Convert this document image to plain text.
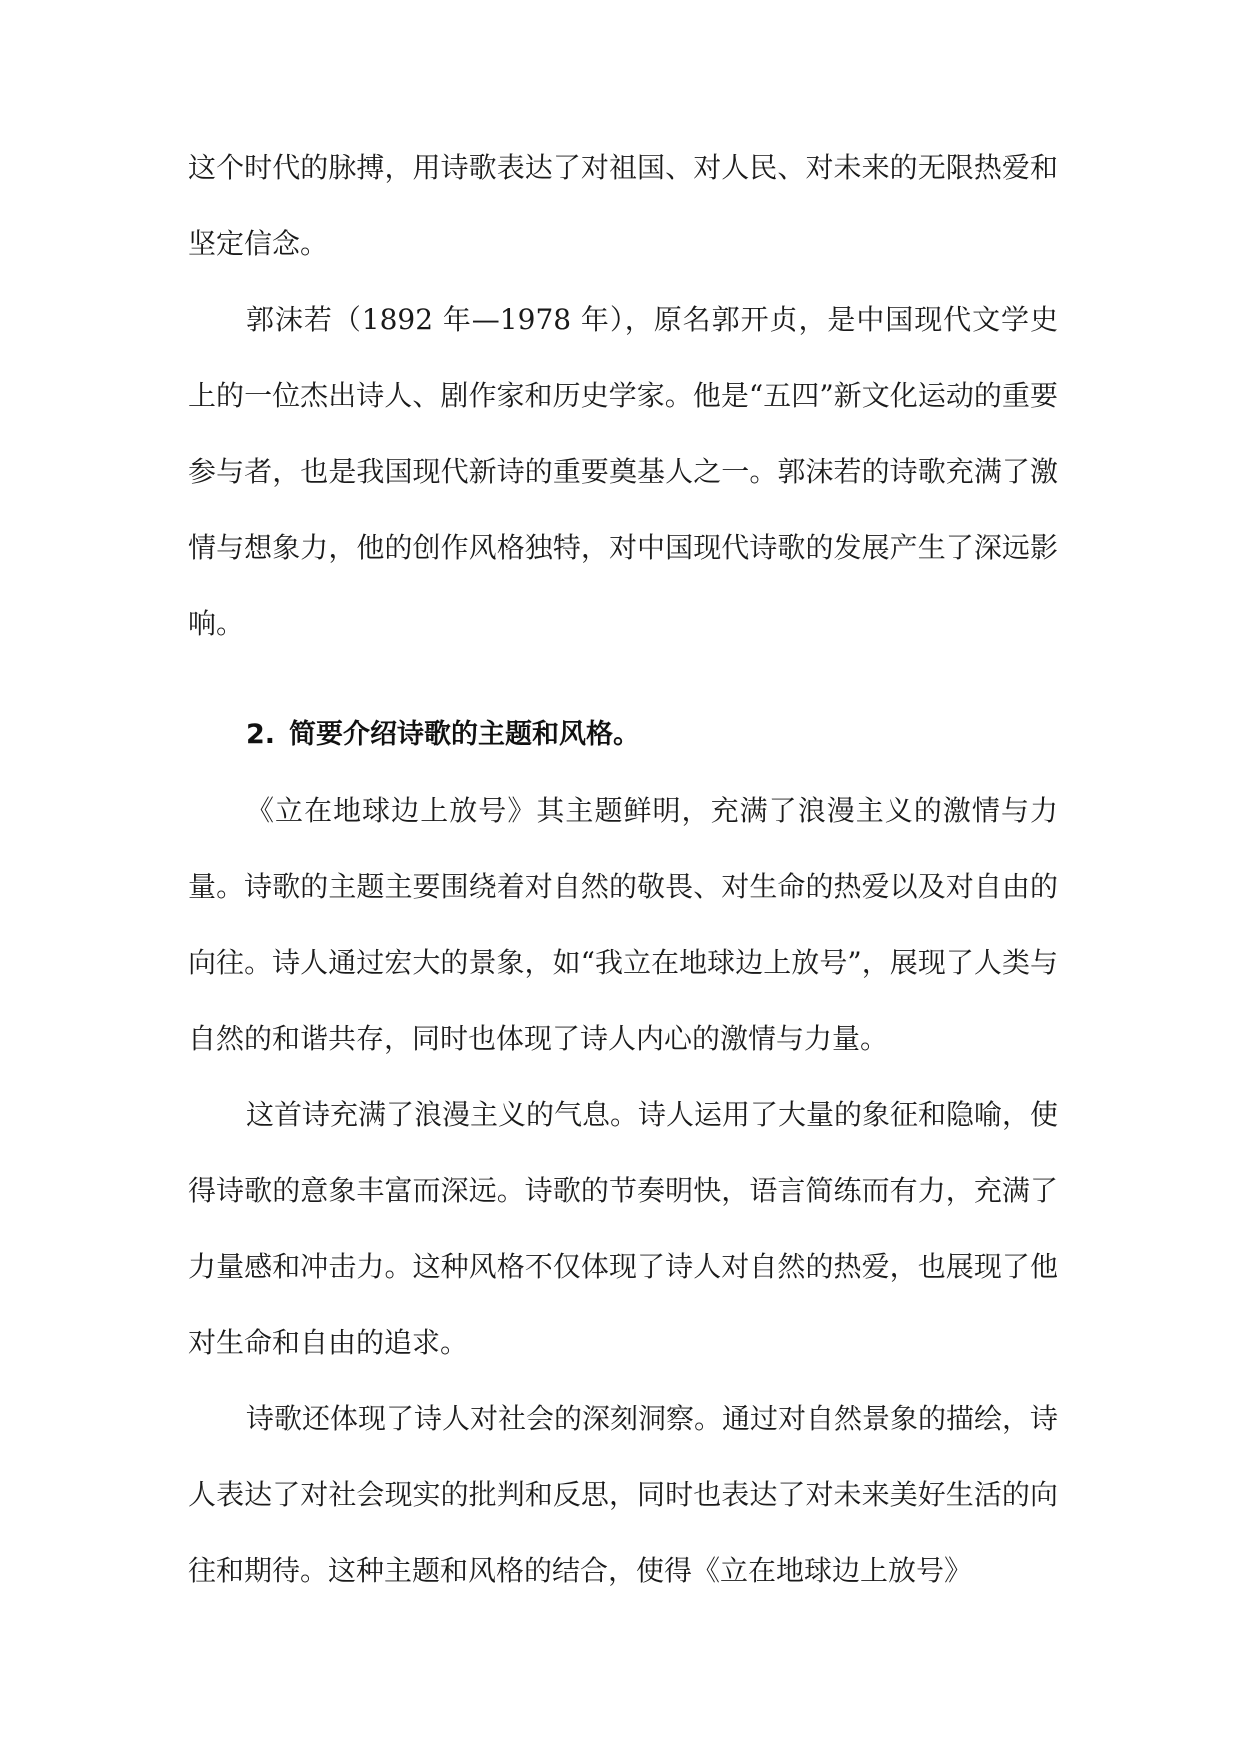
这个时代的脉搏，用诗歌表达了对祖国、对人民、对未来的无限热爱和坚定信念。

郭沫若（1892 年—1978 年），原名郭开贞，是中国现代文学史上的一位杰出诗人、剧作家和历史学家。他是“五四”新文化运动的重要参与者，也是我国现代新诗的重要奠基人之一。郭沫若的诗歌充满了激情与想象力，他的创作风格独特，对中国现代诗歌的发展产生了深远影响。

2. 简要介绍诗歌的主题和风格。

《立在地球边上放号》其主题鲜明，充满了浪漫主义的激情与力量。诗歌的主题主要围绕着对自然的敬畏、对生命的热爱以及对自由的向往。诗人通过宏大的景象，如“我立在地球边上放号”，展现了人类与自然的和谐共存，同时也体现了诗人内心的激情与力量。

这首诗充满了浪漫主义的气息。诗人运用了大量的象征和隐喻，使得诗歌的意象丰富而深远。诗歌的节奏明快，语言简练而有力，充满了力量感和冲击力。这种风格不仅体现了诗人对自然的热爱，也展现了他对生命和自由的追求。

诗歌还体现了诗人对社会的深刻洞察。通过对自然景象的描绘，诗人表达了对社会现实的批判和反思，同时也表达了对未来美好生活的向往和期待。这种主题和风格的结合，使得《立在地球边上放号》
